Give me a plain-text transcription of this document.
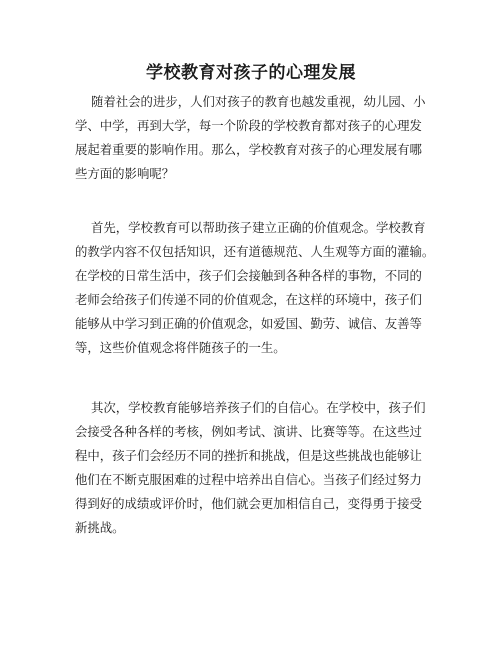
学校教育对孩子的心理发展
随着社会的进步，人们对孩子的教育也越发重视，幼儿园、小
学、中学，再到大学，每一个阶段的学校教育都对孩子的心理发
展起着重要的影响作用。那么，学校教育对孩子的心理发展有哪
些方面的影响呢？
首先，学校教育可以帮助孩子建立正确的价值观念。学校教育
的教学内容不仅包括知识，还有道德规范、人生观等方面的灌输。
在学校的日常生活中，孩子们会接触到各种各样的事物，不同的
老师会给孩子们传递不同的价值观念，在这样的环境中，孩子们
能够从中学习到正确的价值观念，如爱国、勤劳、诚信、友善等
等，这些价值观念将伴随孩子的一生。
其次，学校教育能够培养孩子们的自信心。在学校中，孩子们
会接受各种各样的考核，例如考试、演讲、比赛等等。在这些过
程中，孩子们会经历不同的挫折和挑战，但是这些挑战也能够让
他们在不断克服困难的过程中培养出自信心。当孩子们经过努力
得到好的成绩或评价时，他们就会更加相信自己，变得勇于接受
新挑战。
